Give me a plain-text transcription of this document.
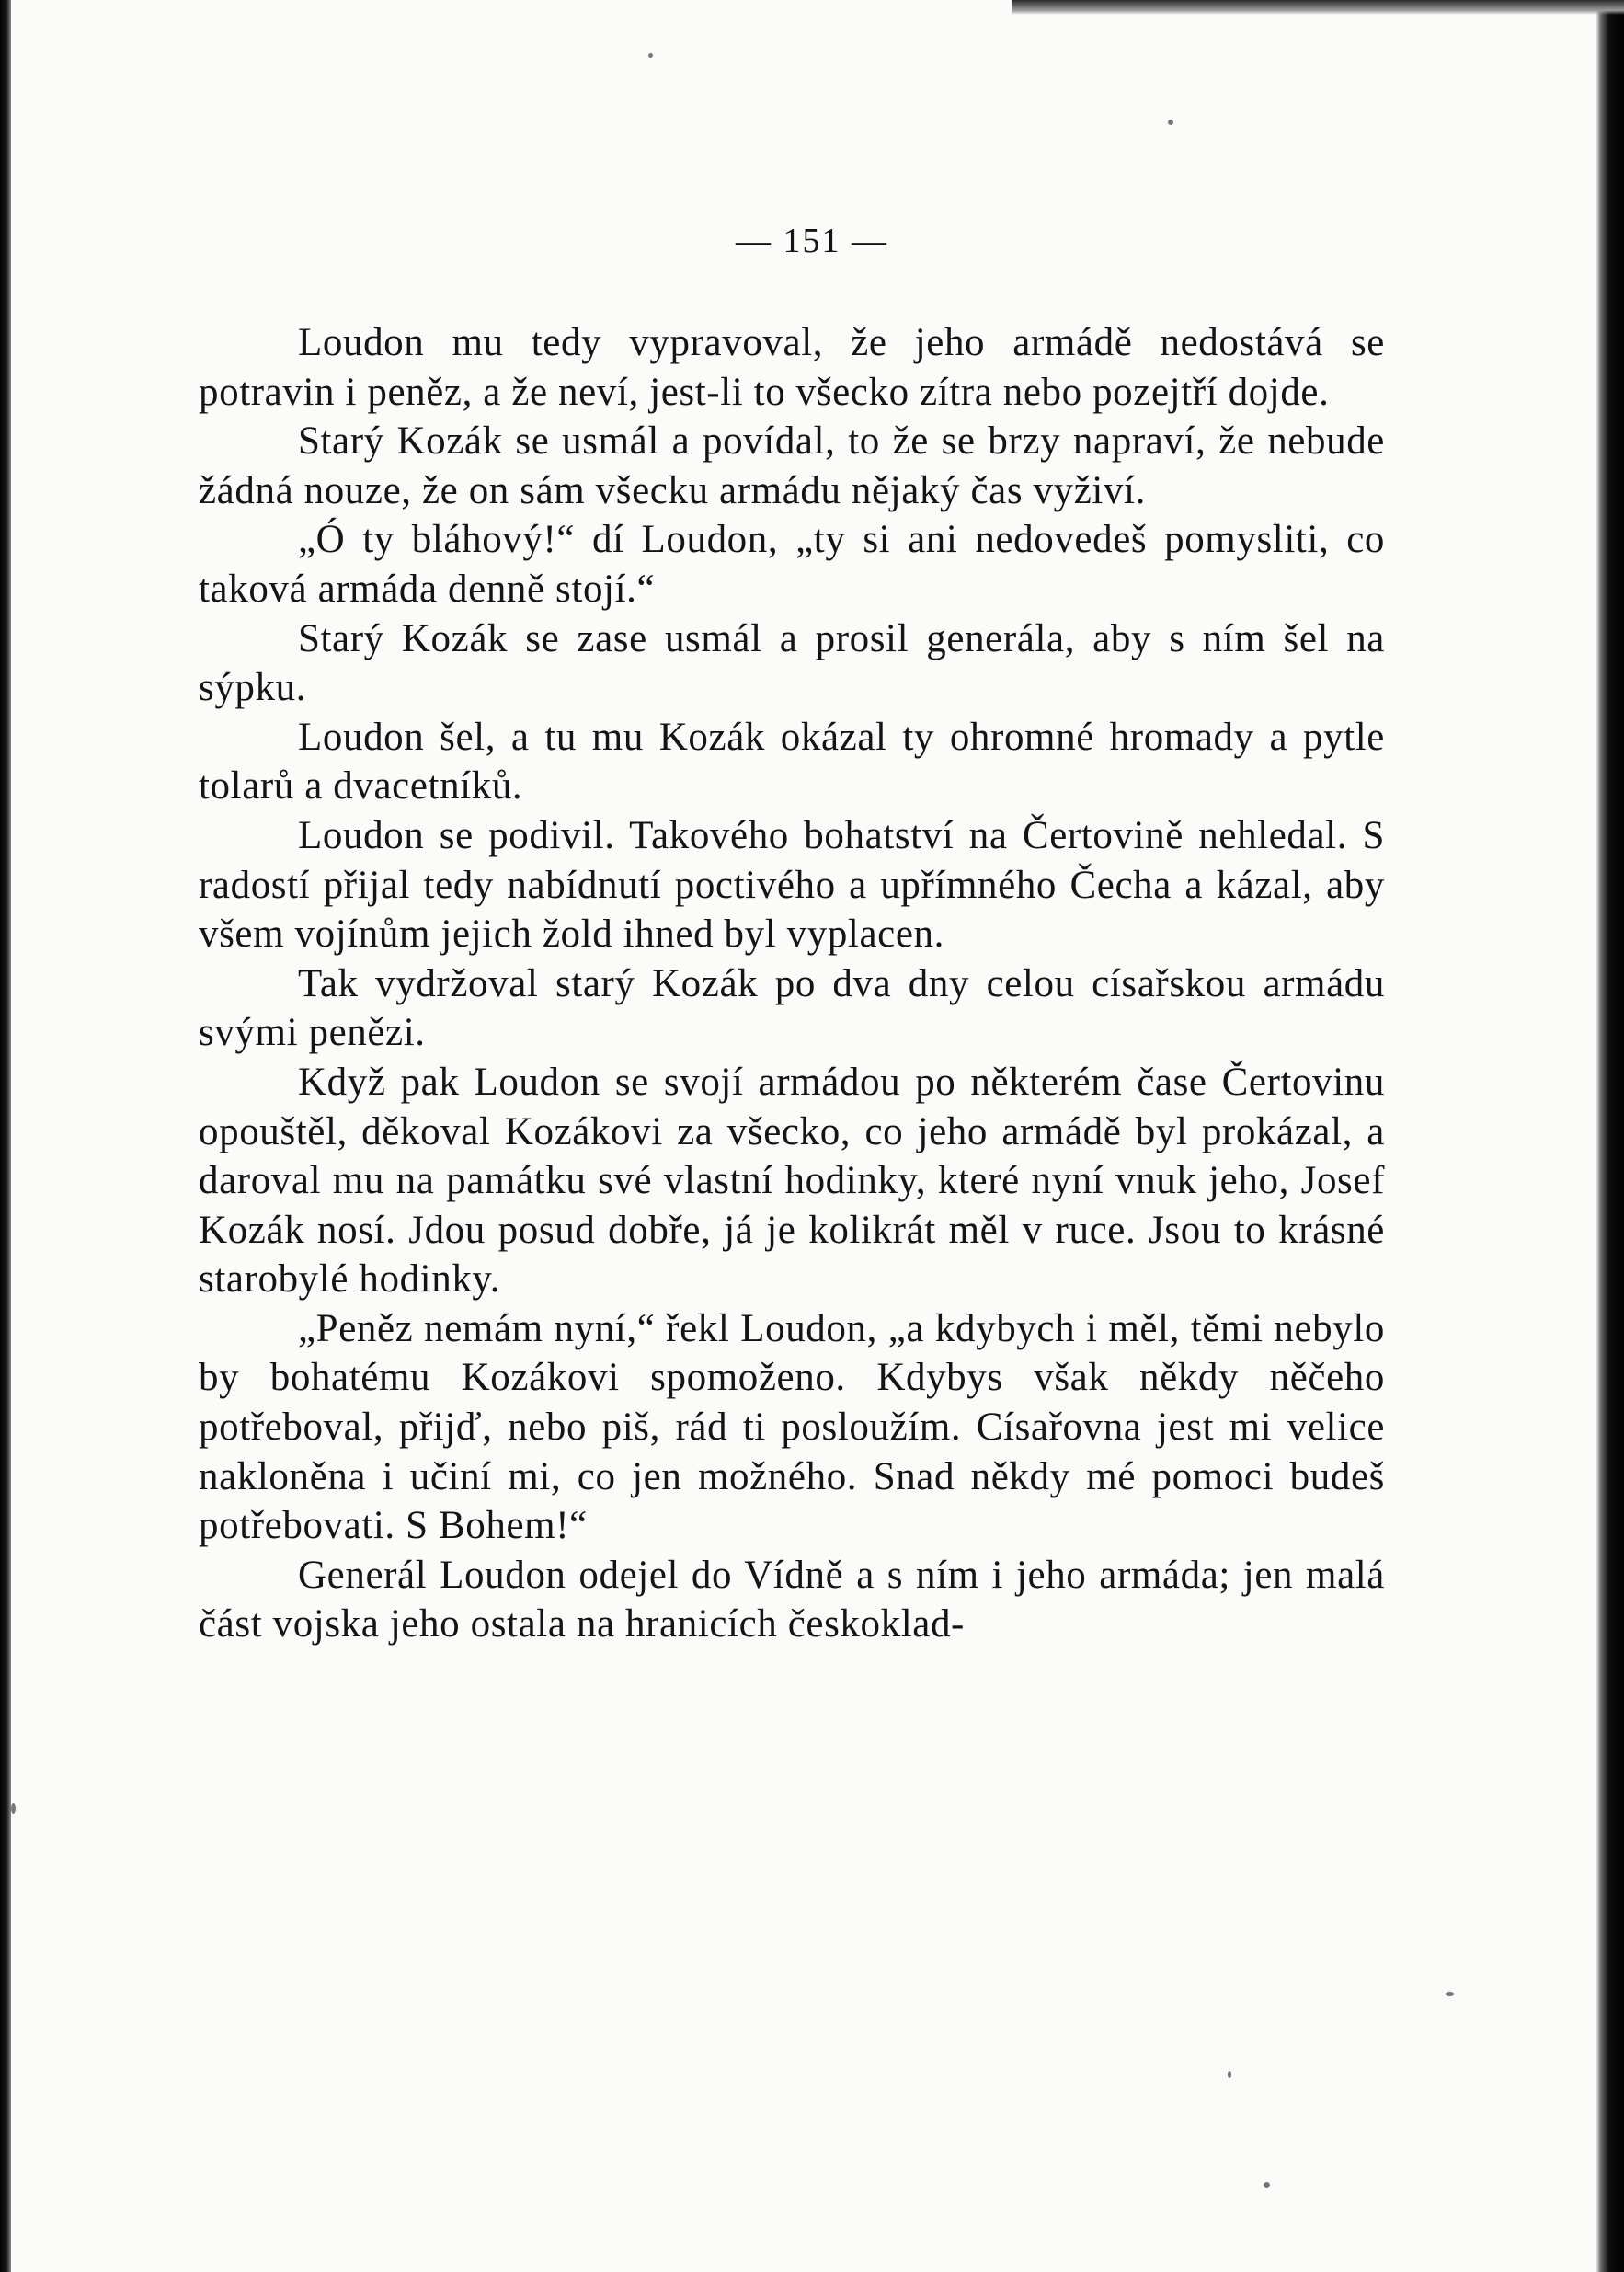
— 151 —

Loudon mu tedy vypravoval, že jeho armádě nedostává se potravin i peněz, a že neví, jest-li to všecko zítra nebo pozejtří dojde.

Starý Kozák se usmál a povídal, to že se brzy napraví, že nebude žádná nouze, že on sám všecku armádu nějaký čas vyživí.

„Ó ty bláhový!“ dí Loudon, „ty si ani nedovedeš pomysliti, co taková armáda denně stojí.“

Starý Kozák se zase usmál a prosil generála, aby s ním šel na sýpku.

Loudon šel, a tu mu Kozák okázal ty ohromné hromady a pytle tolarů a dvacetníků.

Loudon se podivil. Takového bohatství na Čertovině nehledal. S radostí přijal tedy nabídnutí poctivého a upřímného Čecha a kázal, aby všem vojínům jejich žold ihned byl vyplacen.

Tak vydržoval starý Kozák po dva dny celou císařskou armádu svými penězi.

Když pak Loudon se svojí armádou po některém čase Čertovinu opouštěl, děkoval Kozákovi za všecko, co jeho armádě byl prokázal, a daroval mu na památku své vlastní hodinky, které nyní vnuk jeho, Josef Kozák nosí. Jdou posud dobře, já je kolikrát měl v ruce. Jsou to krásné starobylé hodinky.

„Peněz nemám nyní,“ řekl Loudon, „a kdybych i měl, těmi nebylo by bohatému Kozákovi spomoženo. Kdybys však někdy něčeho potřeboval, přijď, nebo piš, rád ti posloužím. Císařovna jest mi velice nakloněna i učiní mi, co jen možného. Snad někdy mé pomoci budeš potřebovati. S Bohem!“

Generál Loudon odejel do Vídně a s ním i jeho armáda; jen malá část vojska jeho ostala na hranicích českoklad-
